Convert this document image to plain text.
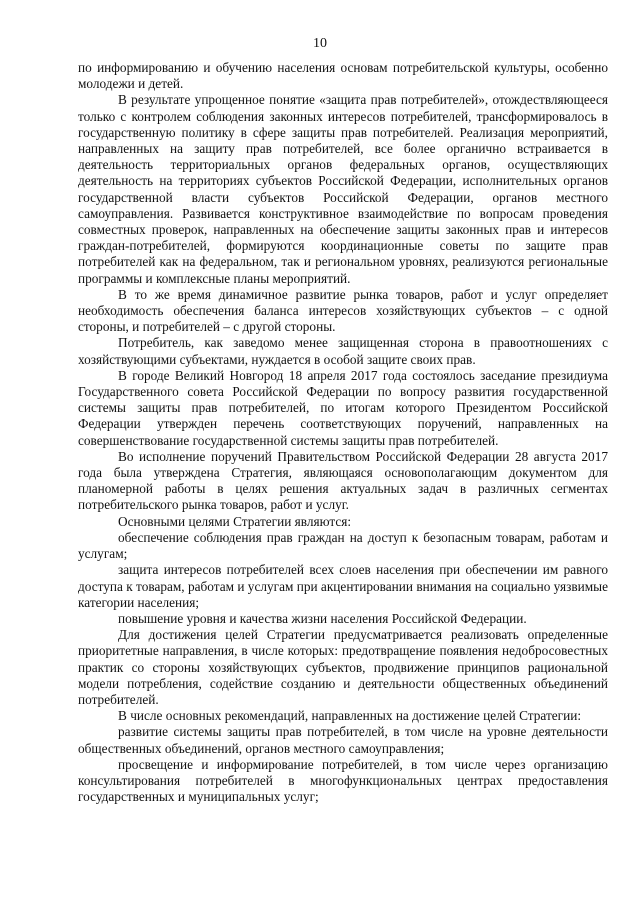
10

по информированию и обучению населения основам потребительской культуры, особенно молодежи и детей.

В результате упрощенное понятие «защита прав потребителей», отождествляющееся только с контролем соблюдения законных интересов потребителей, трансформировалось в государственную политику в сфере защиты прав потребителей. Реализация мероприятий, направленных на защиту прав потребителей, все более органично встраивается в деятельность территориальных органов федеральных органов, осуществляющих деятельность на территориях субъектов Российской Федерации, исполнительных органов государственной власти субъектов Российской Федерации, органов местного самоуправления. Развивается конструктивное взаимодействие по вопросам проведения совместных проверок, направленных на обеспечение защиты законных прав и интересов граждан-потребителей, формируются координационные советы по защите прав потребителей как на федеральном, так и региональном уровнях, реализуются региональные программы и комплексные планы мероприятий.

В то же время динамичное развитие рынка товаров, работ и услуг определяет необходимость обеспечения баланса интересов хозяйствующих субъектов – с одной стороны, и потребителей – с другой стороны.

Потребитель, как заведомо менее защищенная сторона в правоотношениях с хозяйствующими субъектами, нуждается в особой защите своих прав.

В городе Великий Новгород 18 апреля 2017 года состоялось заседание президиума Государственного совета Российской Федерации по вопросу развития государственной системы защиты прав потребителей, по итогам которого Президентом Российской Федерации утвержден перечень соответствующих поручений, направленных на совершенствование государственной системы защиты прав потребителей.

Во исполнение поручений Правительством Российской Федерации 28 августа 2017 года была утверждена Стратегия, являющаяся основополагающим документом для планомерной работы в целях решения актуальных задач в различных сегментах потребительского рынка товаров, работ и услуг.

Основными целями Стратегии являются:

обеспечение соблюдения прав граждан на доступ к безопасным товарам, работам и услугам;

защита интересов потребителей всех слоев населения при обеспечении им равного доступа к товарам, работам и услугам при акцентировании внимания на социально уязвимые категории населения;

повышение уровня и качества жизни населения Российской Федерации.

Для достижения целей Стратегии предусматривается реализовать определенные приоритетные направления, в числе которых: предотвращение появления недобросовестных практик со стороны хозяйствующих субъектов, продвижение принципов рациональной модели потребления, содействие созданию и деятельности общественных объединений потребителей.

В числе основных рекомендаций, направленных на достижение целей Стратегии:

развитие системы защиты прав потребителей, в том числе на уровне деятельности общественных объединений, органов местного самоуправления;

просвещение и информирование потребителей, в том числе через организацию консультирования потребителей в многофункциональных центрах предоставления государственных и муниципальных услуг;
